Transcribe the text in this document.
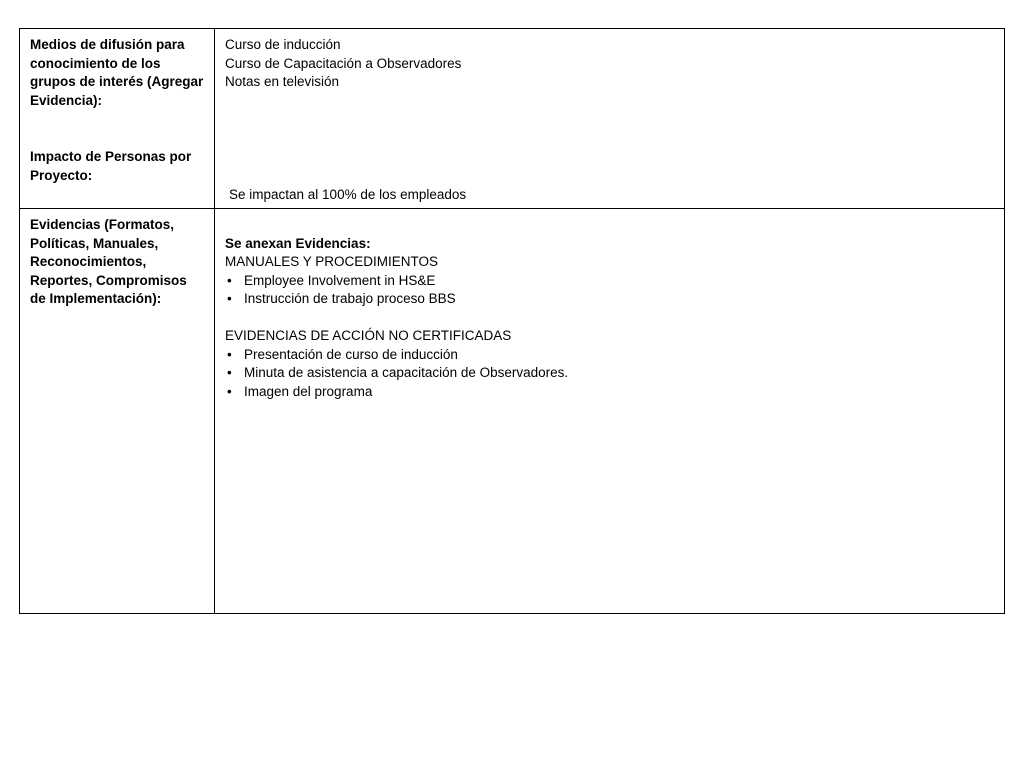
Medios de difusión para conocimiento de los grupos de interés (Agregar Evidencia):

Impacto de Personas por Proyecto:

Curso de inducción

Curso de Capacitación a Observadores

Notas en televisión

Se impactan al 100% de los empleados

Evidencias (Formatos, Políticas, Manuales, Reconocimientos, Reportes, Compromisos de Implementación):

Se anexan Evidencias:

MANUALES Y PROCEDIMIENTOS

• Employee Involvement in HS&E
• Instrucción de trabajo proceso BBS

EVIDENCIAS DE ACCIÓN NO CERTIFICADAS

• Presentación de curso de inducción
• Minuta de asistencia a capacitación de Observadores.
• Imagen del programa
